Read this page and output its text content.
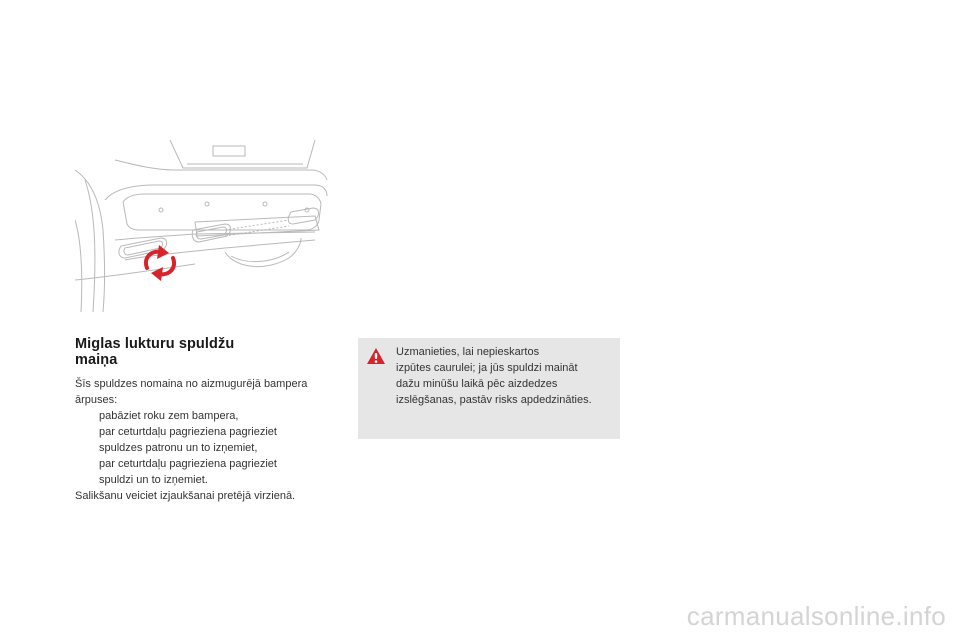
Miglas lukturu spuldžu
maiņa

Šīs spuldzes nomaina no aizmugurējā bampera

ārpuses:

pabāziet roku zem bampera,
par ceturtdaļu pagrieziena pagrieziet
spuldzes patronu un to izņemiet,
par ceturtdaļu pagrieziena pagrieziet
spuldzi un to izņemiet.

Salikšanu veiciet izjaukšanai pretējā virzienā.

Uzmanieties, lai nepieskartos
izpūtes caurulei; ja jūs spuldzi maināt
dažu minūšu laikā pēc aizdedzes
izslēgšanas, pastāv risks apdedzināties.
carmanualsonline.info
